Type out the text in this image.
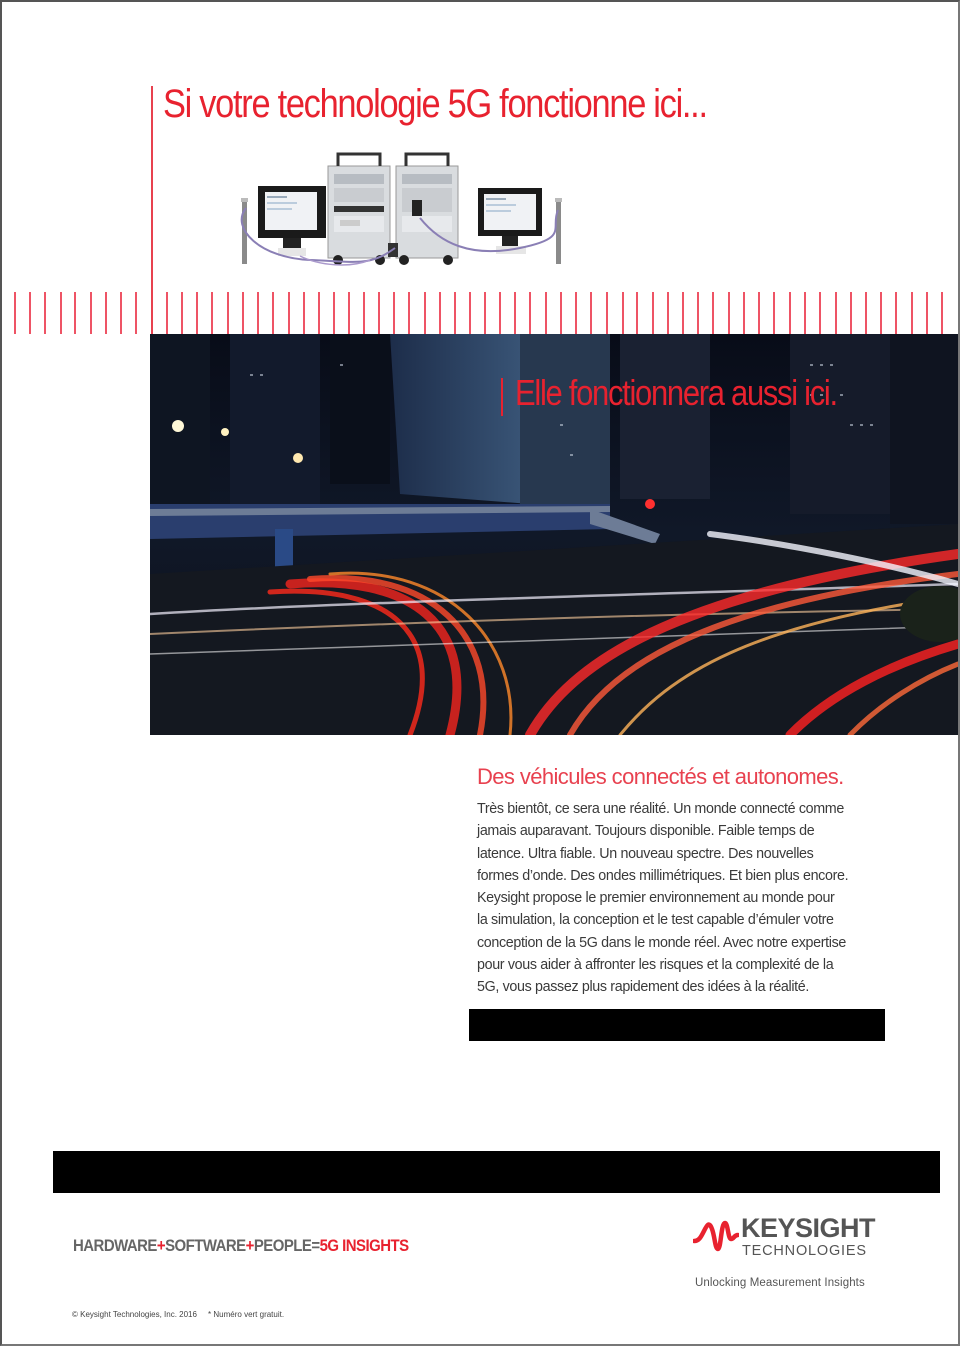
Si votre technologie 5G fonctionne ici...
Elle fonctionnera aussi ici.
Des véhicules connectés et autonomes.

Très bientôt, ce sera une réalité. Un monde connecté comme

jamais auparavant. Toujours disponible. Faible temps de

latence. Ultra fiable. Un nouveau spectre. Des nouvelles

formes d’onde. Des ondes millimétriques. Et bien plus encore.

Keysight propose le premier environnement au monde pour

la simulation, la conception et le test capable d’émuler votre

conception de la 5G dans le monde réel. Avec notre expertise

pour vous aider à affronter les risques et la complexité de la

5G, vous passez plus rapidement des idées à la réalité.

HARDWARE+SOFTWARE+PEOPLE=5G INSIGHTS
KEYSIGHT
TECHNOLOGIES
Unlocking Measurement Insights
© Keysight Technologies, Inc. 2016     * Numéro vert gratuit.
